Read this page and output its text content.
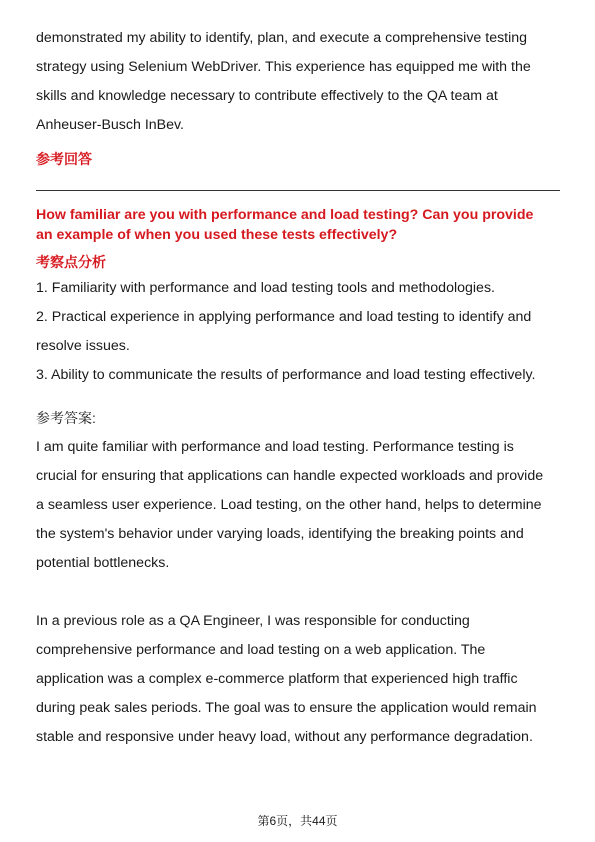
demonstrated my ability to identify, plan, and execute a comprehensive testing
strategy using Selenium WebDriver. This experience has equipped me with the
skills and knowledge necessary to contribute effectively to the QA team at
Anheuser-Busch InBev.

参考回答
How familiar are you with performance and load testing? Can you provide
an example of when you used these tests effectively?
考察点分析

1. Familiarity with performance and load testing tools and methodologies.

2. Practical experience in applying performance and load testing to identify and
resolve issues.

3. Ability to communicate the results of performance and load testing effectively.

参考答案:

I am quite familiar with performance and load testing. Performance testing is
crucial for ensuring that applications can handle expected workloads and provide
a seamless user experience. Load testing, on the other hand, helps to determine
the system's behavior under varying loads, identifying the breaking points and
potential bottlenecks.

In a previous role as a QA Engineer, I was responsible for conducting
comprehensive performance and load testing on a web application. The
application was a complex e-commerce platform that experienced high traffic
during peak sales periods. The goal was to ensure the application would remain
stable and responsive under heavy load, without any performance degradation.

第6页，共44页
